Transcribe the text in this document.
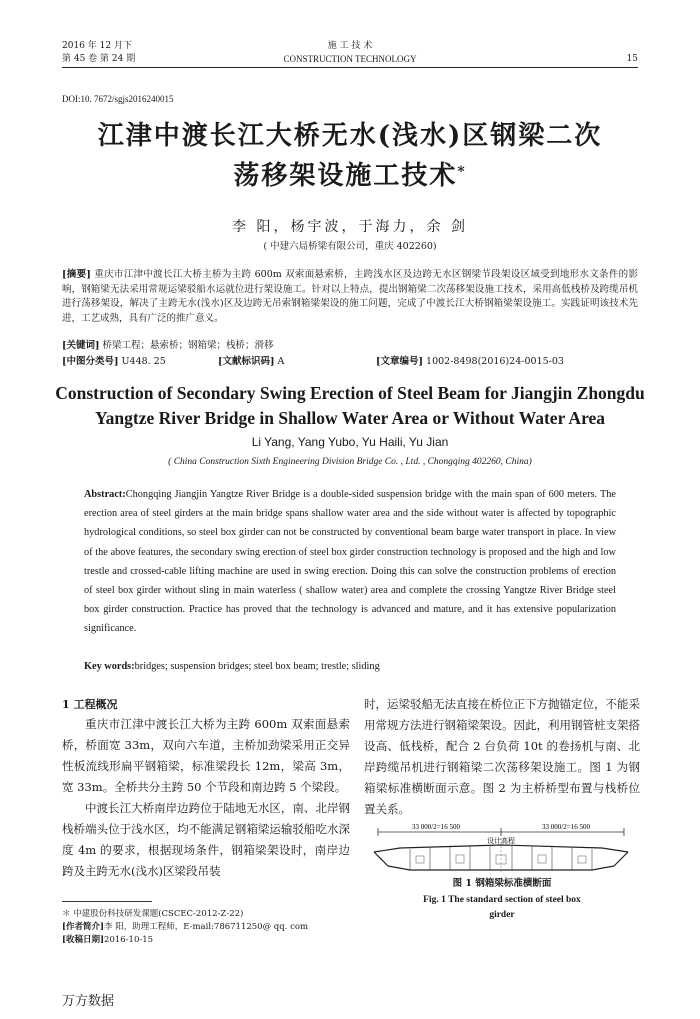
2016 年 12 月下
第 45 卷 第 24 期
施 工 技 术
CONSTRUCTION TECHNOLOGY	15
DOI:10. 7672/sgjs2016240015
江津中渡长江大桥无水(浅水)区钢梁二次
荡移架设施工技术*
李 阳，杨宇波，于海力，余 剑
( 中建六局桥梁有限公司，重庆 402260)
[摘要] 重庆市江津中渡长江大桥主桥为主跨 600m 双索面悬索桥，主跨浅水区及边跨无水区钢梁节段架设区域受到地形水文条件的影响，钢箱梁无法采用常规运梁驳船水运就位进行架设施工。针对以上特点，提出钢箱梁二次荡移架设施工技术，采用高低栈桥及跨缆吊机进行荡移架设，解决了主跨无水(浅水)区及边跨无吊索钢箱梁架设的施工问题，完成了中渡长江大桥钢箱梁架设施工。实践证明该技术先进，工艺成熟，具有广泛的推广意义。
[关键词] 桥梁工程；悬索桥；钢箱梁；栈桥；滑移
[中图分类号] U448. 25	[文献标识码] A	[文章编号] 1002-8498(2016)24-0015-03
Construction of Secondary Swing Erection of Steel Beam for Jiangjin Zhongdu
Yangtze River Bridge in Shallow Water Area or Without Water Area
Li Yang, Yang Yubo, Yu Haili, Yu Jian
( China Construction Sixth Engineering Division Bridge Co. , Ltd. , Chongqing 402260, China)
Abstract:Chongqing Jiangjin Yangtze River Bridge is a double-sided suspension bridge with the main span of 600 meters. The erection area of steel girders at the main bridge spans shallow water area and the side without water is affected by topographic hydrological conditions, so steel box girder can not be constructed by conventional beam barge water transport in place. In view of the above features, the secondary swing erection of steel box girder construction technology is proposed and the high and low trestle and crossed-cable lifting machine are used in swing erection. Doing this can solve the construction problems of erection of steel box girder without sling in main waterless ( shallow water) area and complete the crossing Yangtze River Bridge steel box girder construction. Practice has proved that the technology is advanced and mature, and it has extensive popularization significance.
Key words:bridges; suspension bridges; steel box beam; trestle; sliding
1 工程概况
重庆市江津中渡长江大桥为主跨 600m 双索面悬索桥，桥面宽 33m，双向六车道，主桥加劲梁采用正交异性板流线形扁平钢箱梁，标准梁段长 12m，梁高 3m，宽 33m。全桥共分主跨 50 个节段和南边跨 5 个梁段。
中渡长江大桥南岸边跨位于陆地无水区，南、北岸钢栈桥端头位于浅水区，均不能满足钢箱梁运输驳船吃水深度 4m 的要求，根据现场条件，钢箱梁架设时，南岸边跨及主跨无水(浅水)区梁段吊装
时，运梁驳船无法直接在桥位正下方抛锚定位，不能采用常规方法进行钢箱梁架设。因此，利用钢管桩支架搭设高、低栈桥，配合 2 台负荷 10t 的卷扬机与南、北岸跨缆吊机进行钢箱梁二次荡移架设施工。图 1 为钢箱梁标准横断面示意。图 2 为主桥桥型布置与栈桥位置关系。
33 000/2=16 500	33 000/2=16 500
设计高程
图 1 钢箱梁标准横断面
Fig. 1 The standard section of steel box
girder
＊ 中建股份科技研发课题(CSCEC-2012-Z-22)
[作者简介]李 阳，助理工程师，E-mail:786711250@ qq. com
[收稿日期]2016-10-15
万方数据
